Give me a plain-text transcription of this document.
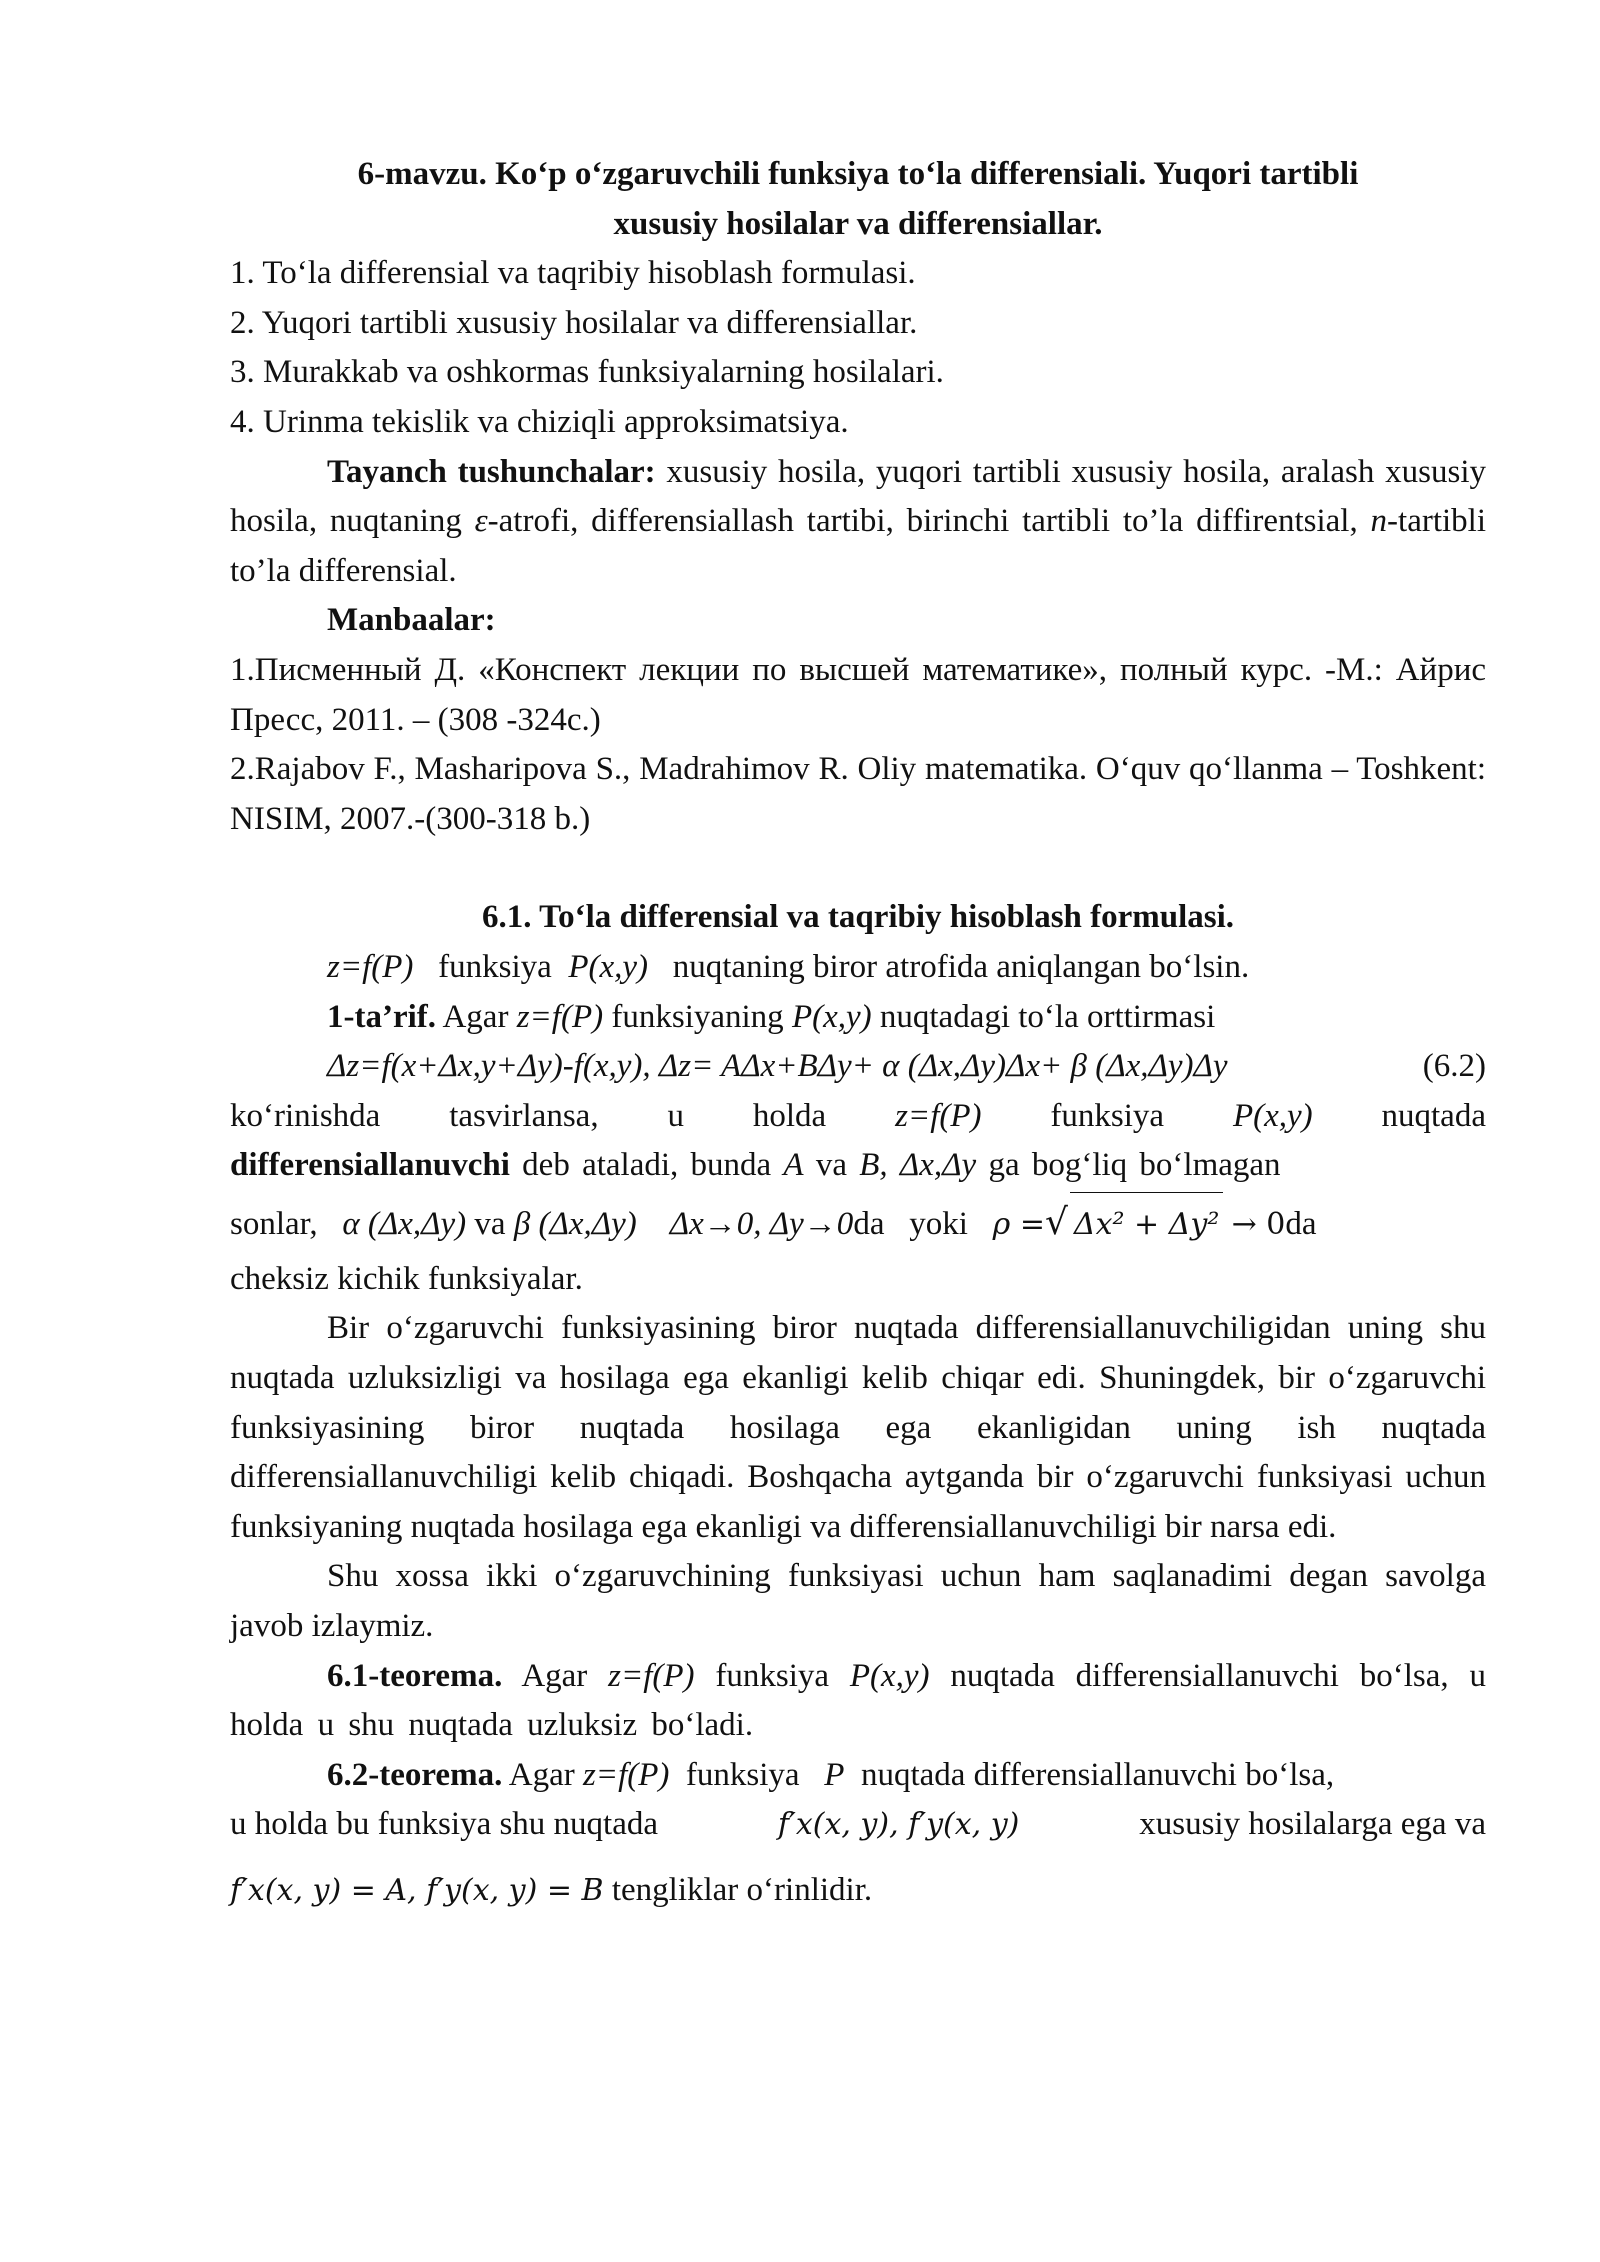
6-mavzu. Ko‘p o‘zgaruvchili funksiya to‘la differensiali. Yuqori tartibli

xususiy hosilalar va differensiallar.

1. To‘la differensial va taqribiy hisoblash formulasi.

2. Yuqori tartibli xususiy hosilalar va differensiallar.

3. Murakkab va oshkormas funksiyalarning hosilalari.

4. Urinma tekislik va chiziqli approksimatsiya.

Tayanch tushunchalar: xususiy hosila, yuqori tartibli xususiy hosila, aralash xususiy hosila, nuqtaning ε-atrofi, differensiallash tartibi, birinchi tartibli to’la diffirentsial, n-tartibli to’la differensial.

Manbaalar:

1.Писменный Д. «Конспект лекции по высшей математике», полный курс. -М.: Айрис Пресс, 2011. – (308 -324с.)

2.Rajabov F., Masharipova S., Madrahimov R. Oliy matematika. O‘quv qo‘llanma – Toshkent: NISIM, 2007.-(300-318 b.)

6.1. To‘la differensial va taqribiy hisoblash formulasi.

z=f(P) funksiya P(x,y) nuqtaning biror atrofida aniqlangan bo‘lsin.

1-ta’rif. Agar z=f(P) funksiyaning P(x,y) nuqtadagi to‘la orttirmasi

Δz=f(x+Δx,y+Δy)-f(x,y), Δz= AΔx+BΔy+ α (Δx,Δy)Δx+ β (Δx,Δy)Δy	(6.2)
ko‘rinishda tasvirlansa, u holda z=f(P) funksiya P(x,y) nuqtada

differensiallanuvchi deb ataladi, bunda A va B, Δx,Δy ga bog‘liq bo‘lmagan

sonlar,
α (Δx,Δy)
va
β (Δx,Δy)
Δx→0, Δy→0 da
yoki
ρ = √ Δx² + Δy²
→ 0 da

cheksiz kichik funksiyalar.

Bir o‘zgaruvchi funksiyasining biror nuqtada differensiallanuvchiligidan uning shu nuqtada uzluksizligi va hosilaga ega ekanligi kelib chiqar edi. Shuningdek, bir o‘zgaruvchi funksiyasining biror nuqtada hosilaga ega ekanligidan uning ish nuqtada differensiallanuvchiligi kelib chiqadi. Boshqacha aytganda bir o‘zgaruvchi funksiyasi uchun funksiyaning nuqtada hosilaga ega ekanligi va differensiallanuvchiligi bir narsa edi.

Shu xossa ikki o‘zgaruvchining funksiyasi uchun ham saqlanadimi degan savolga javob izlaymiz.

6.1-teorema. Agar z=f(P) funksiya P(x,y) nuqtada differensiallanuvchi bo‘lsa, u holda u shu nuqtada uzluksiz bo‘ladi.

6.2-teorema. Agar z=f(P)  funksiya   P  nuqtada differensiallanuvchi bo‘lsa,

u holda bu funksiya shu nuqtada	f′x(x, y), f′y(x, y)	xususiy hosilalarga ega va

f′x(x, y) = A, f′y(x, y) = B tengliklar o‘rinlidir.
